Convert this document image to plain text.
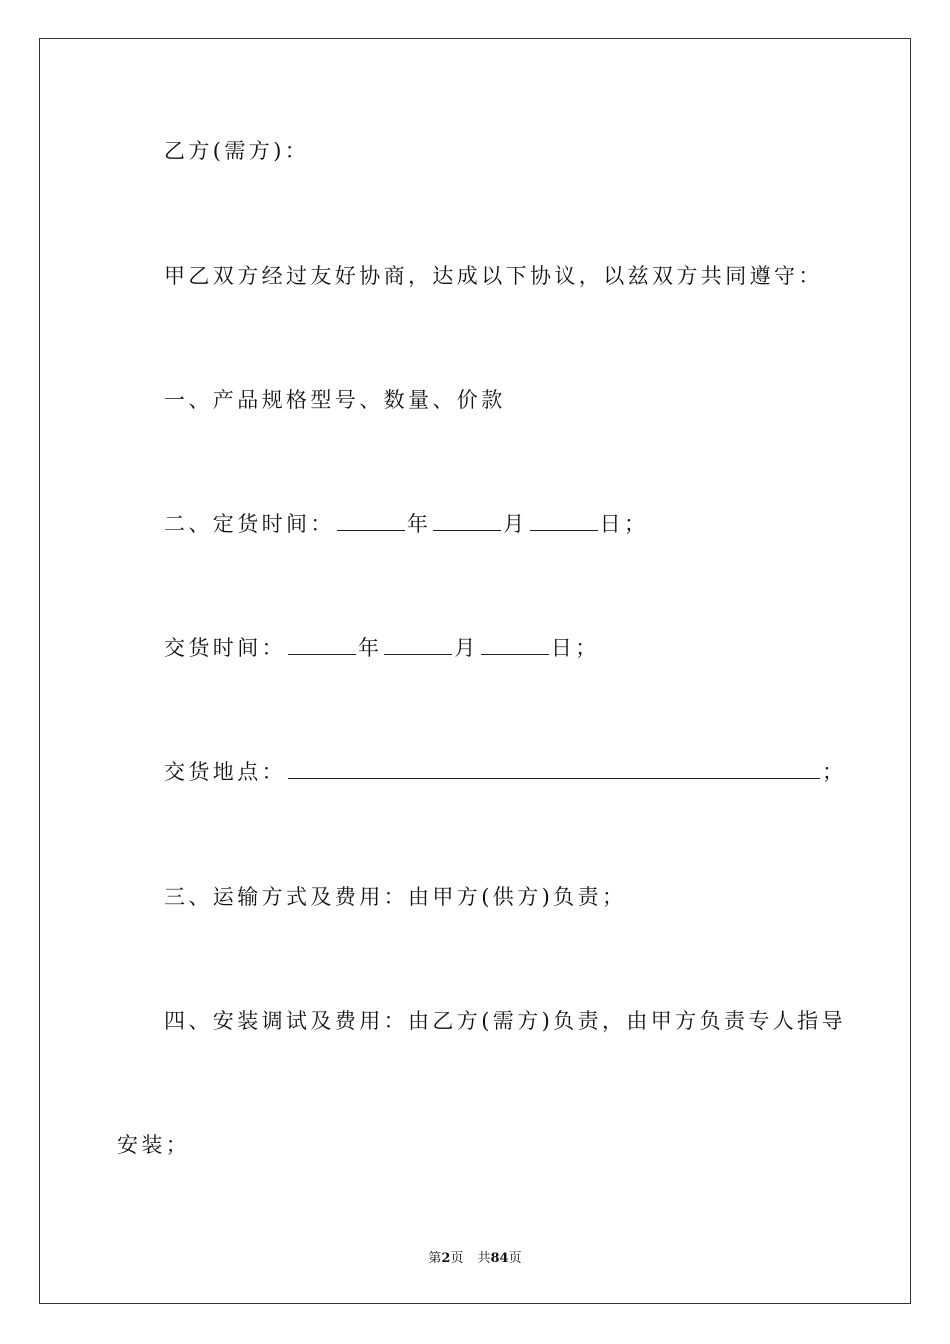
乙方(需方)：
甲乙双方经过友好协商，达成以下协议，以兹双方共同遵守：
一、产品规格型号、数量、价款
二、定货时间：	年	月	日；
交货时间：	年	月	日；
交货地点：	；
三、运输方式及费用：由甲方(供方)负责；
四、安装调试及费用：由乙方(需方)负责，由甲方负责专人指导
安装；
第2页 共84页
